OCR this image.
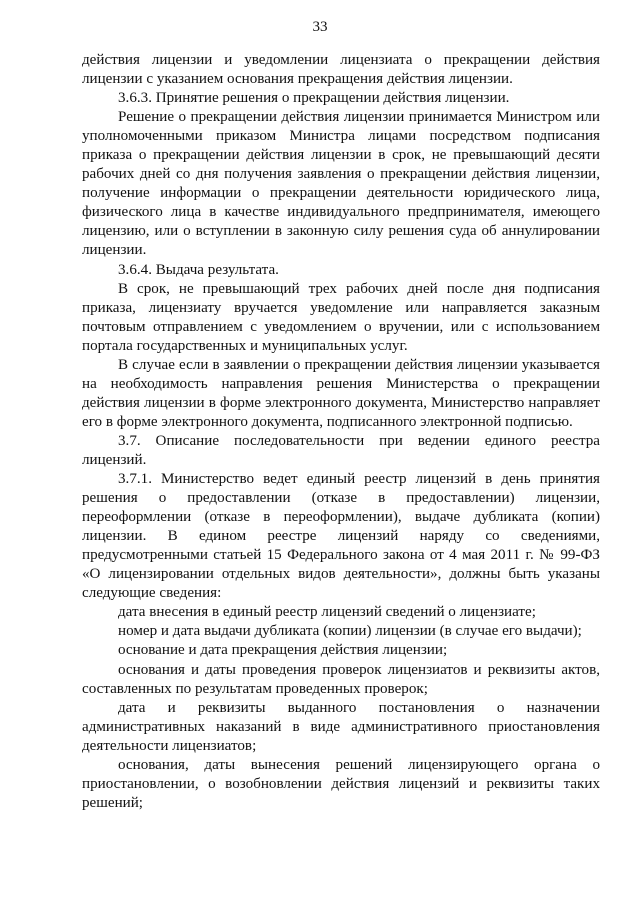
33

действия лицензии и уведомлении лицензиата о прекращении действия лицензии с указанием основания прекращения действия лицензии.

3.6.3. Принятие решения о прекращении действия лицензии.

Решение о прекращении действия лицензии принимается Министром или уполномоченными приказом Министра лицами посредством подписания приказа о прекращении действия лицензии в срок, не превышающий десяти рабочих дней со дня получения заявления о прекращении действия лицензии, получение информации о прекращении деятельности юридического лица, физического лица в качестве индивидуального предпринимателя, имеющего лицензию, или о вступлении в законную силу решения суда об аннулировании лицензии.

3.6.4. Выдача результата.

В срок, не превышающий трех рабочих дней после дня подписания приказа, лицензиату вручается уведомление или направляется заказным почтовым отправлением с уведомлением о вручении, или с использованием портала государственных и муниципальных услуг.

В случае если в заявлении о прекращении действия лицензии указывается на необходимость направления решения Министерства о прекращении действия лицензии в форме электронного документа, Министерство направляет его в форме электронного документа, подписанного электронной подписью.

3.7. Описание последовательности при ведении единого реестра лицензий.

3.7.1. Министерство ведет единый реестр лицензий в день принятия решения о предоставлении (отказе в предоставлении) лицензии, переоформлении (отказе в переоформлении), выдаче дубликата (копии) лицензии. В едином реестре лицензий наряду со сведениями, предусмотренными статьей 15 Федерального закона от 4 мая 2011 г. № 99-ФЗ «О лицензировании отдельных видов деятельности», должны быть указаны следующие сведения:

дата внесения в единый реестр лицензий сведений о лицензиате;

номер и дата выдачи дубликата (копии) лицензии (в случае его выдачи);

основание и дата прекращения действия лицензии;

основания и даты проведения проверок лицензиатов и реквизиты актов, составленных по результатам проведенных проверок;

дата и реквизиты выданного постановления о назначении административных наказаний в виде административного приостановления деятельности лицензиатов;

основания, даты вынесения решений лицензирующего органа о приостановлении, о возобновлении действия лицензий и реквизиты таких решений;
